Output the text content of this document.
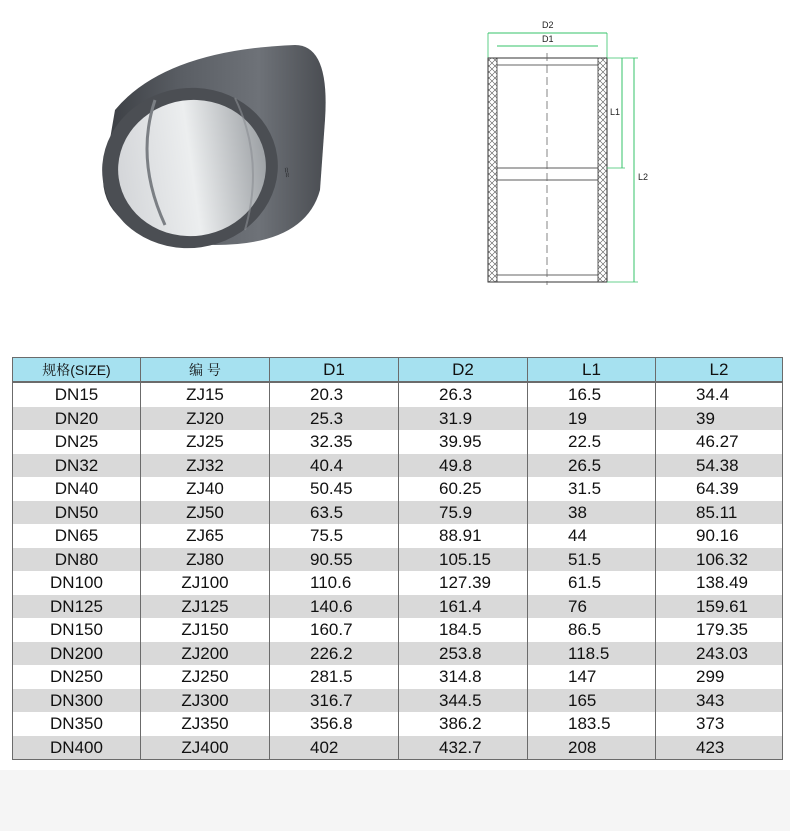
≈≈
D2
D1
L1
L2
规格(SIZE)	编 号	D1	D2	L1	L2
DN15	ZJ15	20.3	26.3	16.5	34.4
DN20	ZJ20	25.3	31.9	19	39
DN25	ZJ25	32.35	39.95	22.5	46.27
DN32	ZJ32	40.4	49.8	26.5	54.38
DN40	ZJ40	50.45	60.25	31.5	64.39
DN50	ZJ50	63.5	75.9	38	85.11
DN65	ZJ65	75.5	88.91	44	90.16
DN80	ZJ80	90.55	105.15	51.5	106.32
DN100	ZJ100	110.6	127.39	61.5	138.49
DN125	ZJ125	140.6	161.4	76	159.61
DN150	ZJ150	160.7	184.5	86.5	179.35
DN200	ZJ200	226.2	253.8	118.5	243.03
DN250	ZJ250	281.5	314.8	147	299
DN300	ZJ300	316.7	344.5	165	343
DN350	ZJ350	356.8	386.2	183.5	373
DN400	ZJ400	402	432.7	208	423
